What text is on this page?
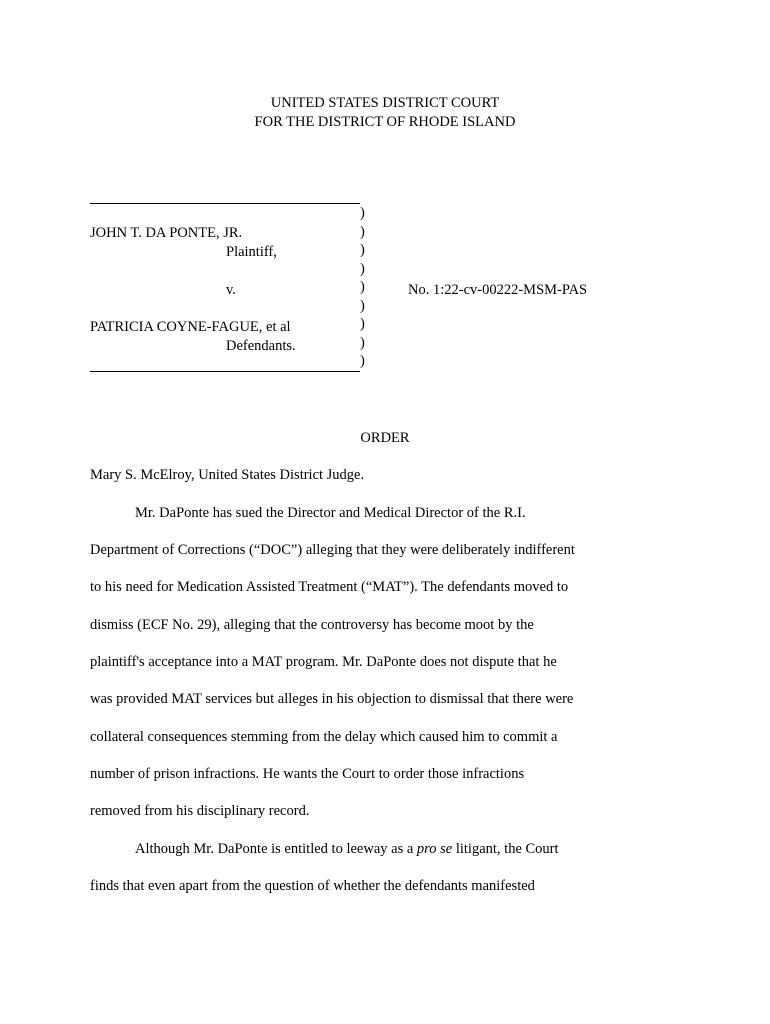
UNITED STATES DISTRICT COURT
FOR THE DISTRICT OF RHODE ISLAND
)
)
)
)
)
)
)
)
)
JOHN T. DA PONTE, JR.
Plaintiff,
v.	No. 1:22-cv-00222-MSM-PAS
PATRICIA COYNE-FAGUE, et al
Defendants.
ORDER
Mary S. McElroy, United States District Judge.
Mr. DaPonte has sued the Director and Medical Director of the R.I.
Department of Corrections (“DOC”) alleging that they were deliberately indifferent
to his need for Medication Assisted Treatment (“MAT”). The defendants moved to
dismiss (ECF No. 29), alleging that the controversy has become moot by the
plaintiff's acceptance into a MAT program. Mr. DaPonte does not dispute that he
was provided MAT services but alleges in his objection to dismissal that there were
collateral consequences stemming from the delay which caused him to commit a
number of prison infractions. He wants the Court to order those infractions
removed from his disciplinary record.
Although Mr. DaPonte is entitled to leeway as a pro se litigant, the Court
finds that even apart from the question of whether the defendants manifested
